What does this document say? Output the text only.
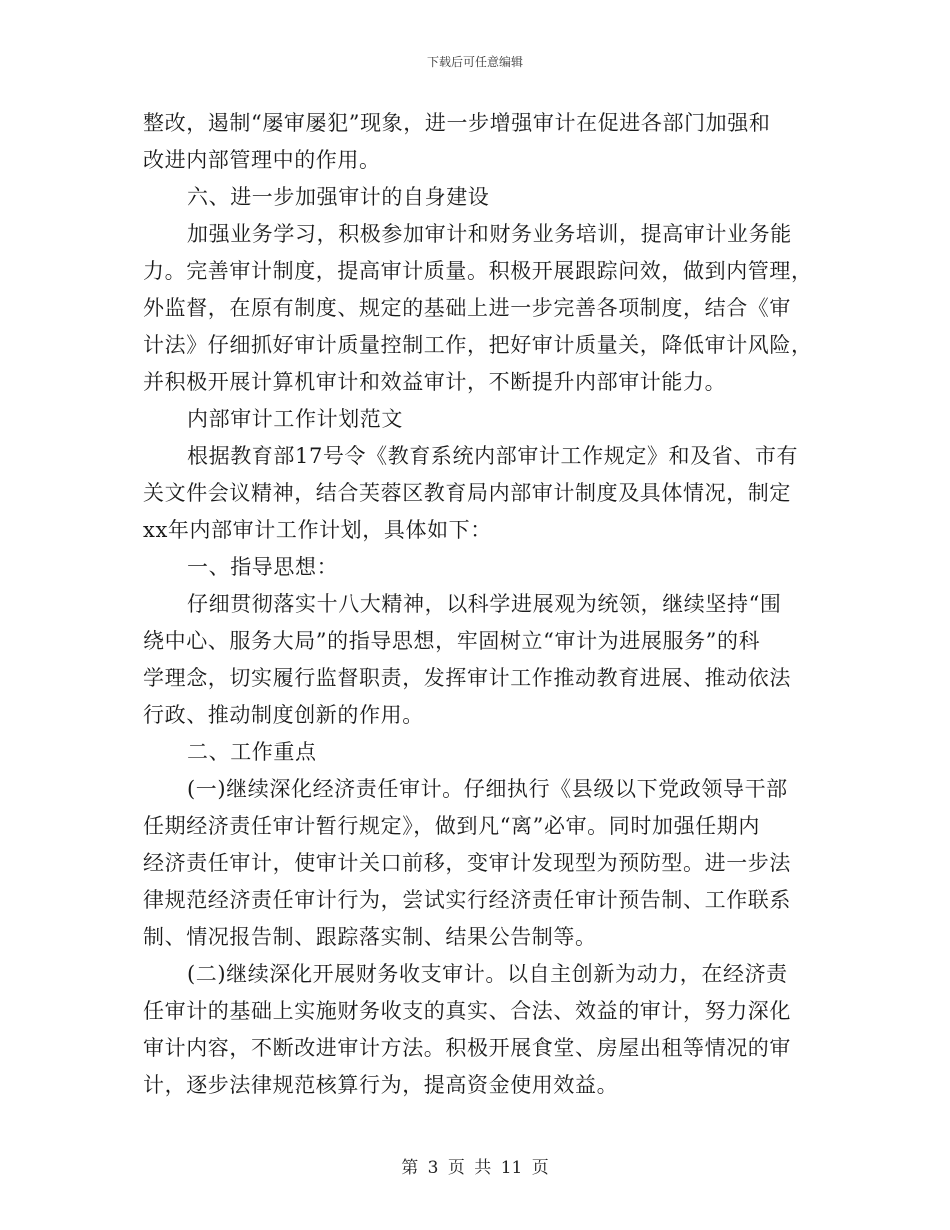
下载后可任意编辑
整改，遏制“屡审屡犯”现象，进一步增强审计在促进各部门加强和
改进内部管理中的作用。
六、进一步加强审计的自身建设
加强业务学习，积极参加审计和财务业务培训，提高审计业务能
力。完善审计制度，提高审计质量。积极开展跟踪问效，做到内管理，
外监督，在原有制度、规定的基础上进一步完善各项制度，结合《审
计法》仔细抓好审计质量控制工作，把好审计质量关，降低审计风险，
并积极开展计算机审计和效益审计，不断提升内部审计能力。
内部审计工作计划范文
根据教育部17号令《教育系统内部审计工作规定》和及省、市有
关文件会议精神，结合芙蓉区教育局内部审计制度及具体情况，制定
xx年内部审计工作计划，具体如下：
一、指导思想：
仔细贯彻落实十八大精神，以科学进展观为统领，继续坚持“围
绕中心、服务大局”的指导思想，牢固树立“审计为进展服务”的科
学理念，切实履行监督职责，发挥审计工作推动教育进展、推动依法
行政、推动制度创新的作用。
二、工作重点
(一)继续深化经济责任审计。仔细执行《县级以下党政领导干部
任期经济责任审计暂行规定》，做到凡“离”必审。同时加强任期内
经济责任审计，使审计关口前移，变审计发现型为预防型。进一步法
律规范经济责任审计行为，尝试实行经济责任审计预告制、工作联系
制、情况报告制、跟踪落实制、结果公告制等。
(二)继续深化开展财务收支审计。以自主创新为动力，在经济责
任审计的基础上实施财务收支的真实、合法、效益的审计，努力深化
审计内容，不断改进审计方法。积极开展食堂、房屋出租等情况的审
计，逐步法律规范核算行为，提高资金使用效益。
第 3 页 共 11 页
